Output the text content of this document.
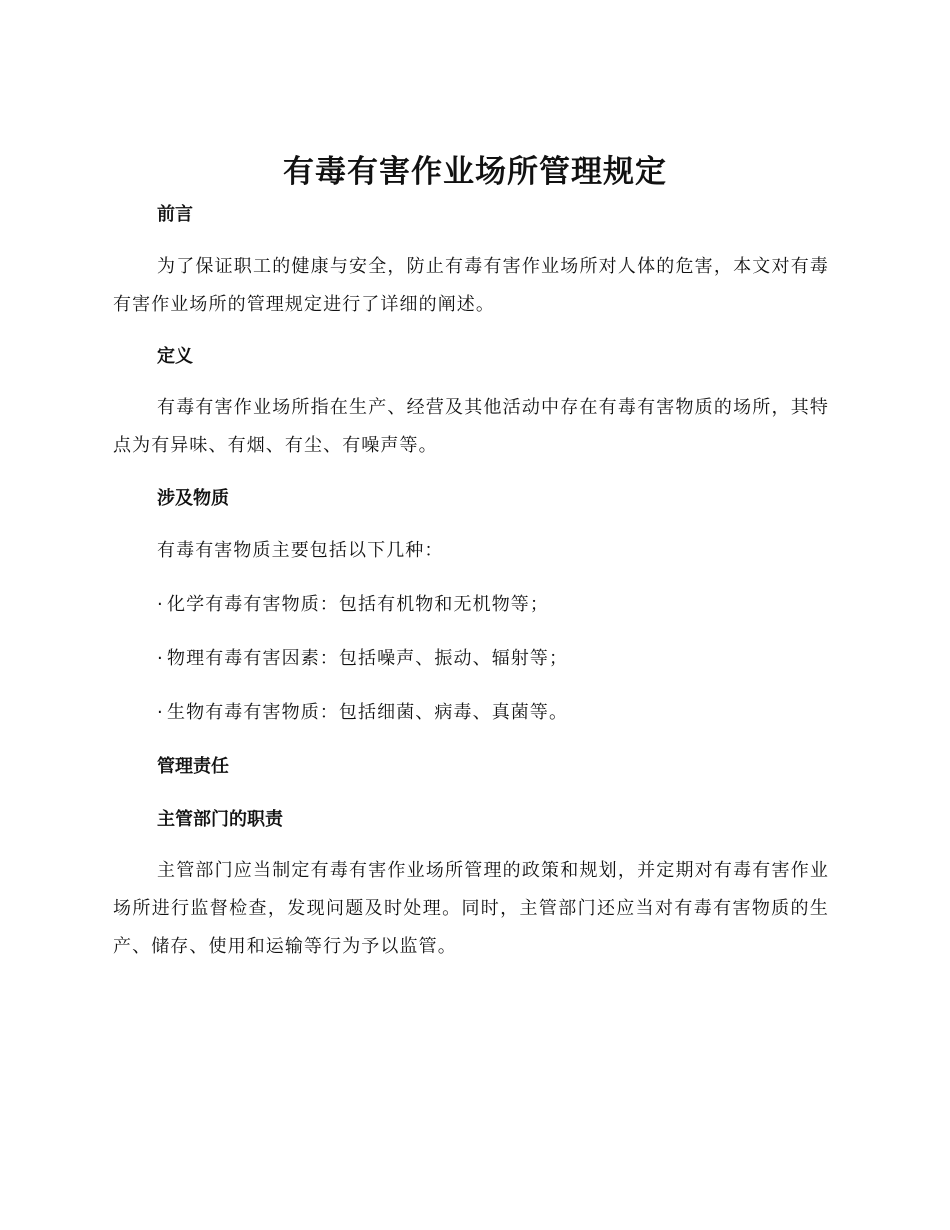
有毒有害作业场所管理规定
前言

为了保证职工的健康与安全，防止有毒有害作业场所对人体的危害，本文对有毒有害作业场所的管理规定进行了详细的阐述。

定义

有毒有害作业场所指在生产、经营及其他活动中存在有毒有害物质的场所，其特点为有异味、有烟、有尘、有噪声等。

涉及物质

有毒有害物质主要包括以下几种：

· 化学有毒有害物质：包括有机物和无机物等；

· 物理有毒有害因素：包括噪声、振动、辐射等；

· 生物有毒有害物质：包括细菌、病毒、真菌等。

管理责任
主管部门的职责

主管部门应当制定有毒有害作业场所管理的政策和规划，并定期对有毒有害作业场所进行监督检查，发现问题及时处理。同时，主管部门还应当对有毒有害物质的生产、储存、使用和运输等行为予以监管。
